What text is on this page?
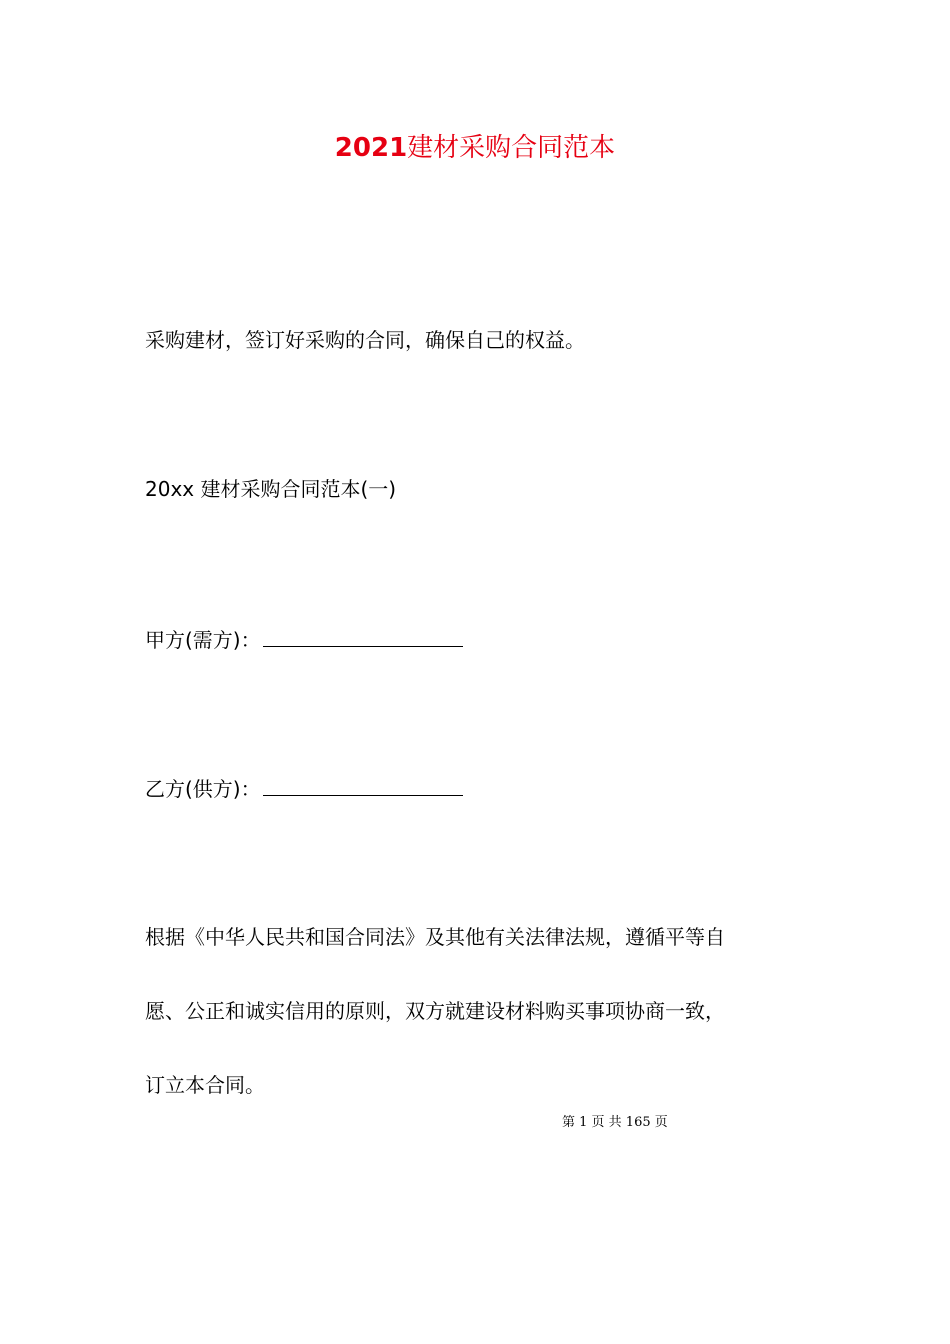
2021建材采购合同范本
采购建材，签订好采购的合同，确保自己的权益。
20xx 建材采购合同范本(一)
甲方(需方)：
乙方(供方)：
根据《中华人民共和国合同法》及其他有关法律法规，遵循平等自
愿、公正和诚实信用的原则，双方就建设材料购买事项协商一致，
订立本合同。
第 1 页 共 165 页
